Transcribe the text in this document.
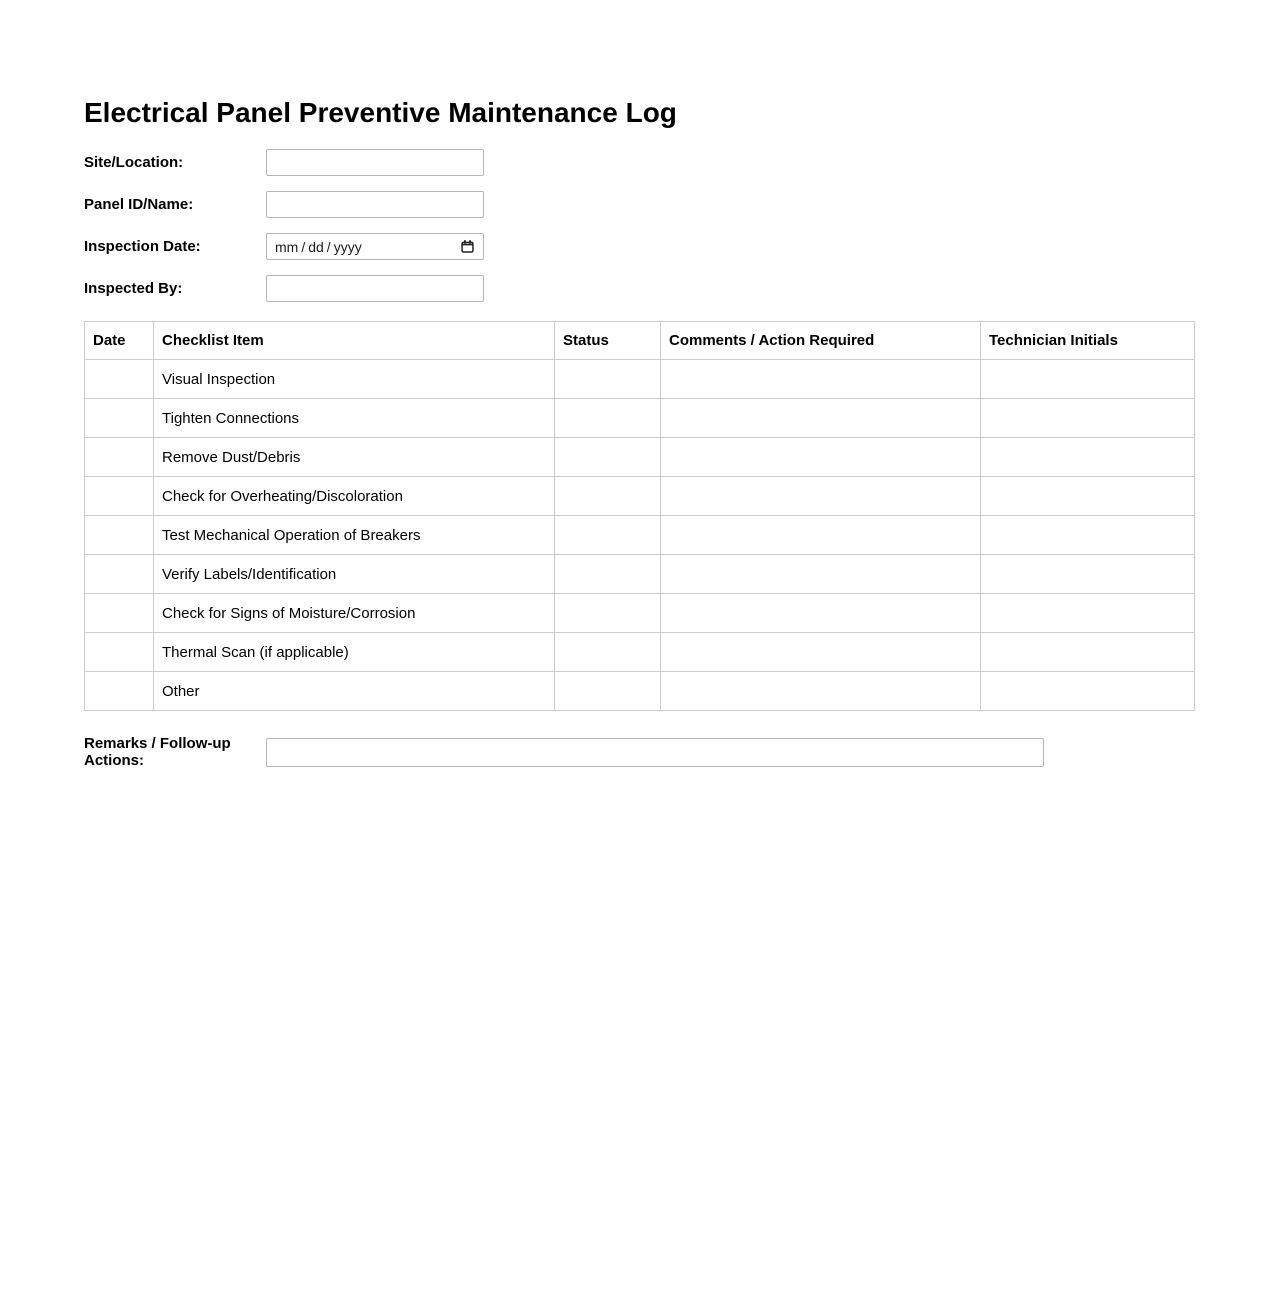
Electrical Panel Preventive Maintenance Log
Site/Location:
Panel ID/Name:
Inspection Date:	mm / dd / yyyy
Inspected By:
Date	Checklist Item	Status	Comments / Action Required	Technician Initials
	Visual Inspection			
	Tighten Connections			
	Remove Dust/Debris			
	Check for Overheating/Discoloration			
	Test Mechanical Operation of Breakers			
	Verify Labels/Identification			
	Check for Signs of Moisture/Corrosion			
	Thermal Scan (if applicable)			
	Other			
Remarks / Follow-up Actions:
